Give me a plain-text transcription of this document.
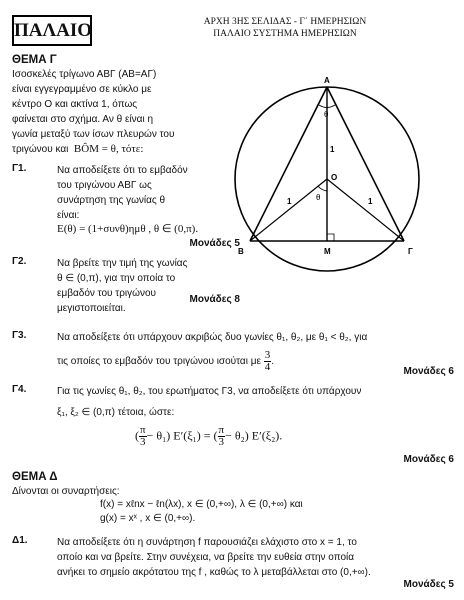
ΠΑΛΑΙΟ	ΑΡΧΗ 3ΗΣ ΣΕΛΙΔΑΣ - Γ΄ ΗΜΕΡΗΣΙΩΝ
ΠΑΛΑΙΟ ΣΥΣΤΗΜΑ ΗΜΕΡΗΣΙΩΝ
ΘΕΜΑ Γ
Ισοσκελές τρίγωνο ΑΒΓ (ΑΒ=ΑΓ)
είναι εγγεγραμμένο σε κύκλο με
κέντρο Ο και ακτίνα 1, όπως
φαίνεται στο σχήμα. Αν θ είναι η
γωνία μεταξύ των ίσων πλευρών του
τριγώνου και BÔM = θ, τότε:
Γ1.	Να αποδείξετε ότι το εμβαδόν
του τριγώνου ΑΒΓ ως
συνάρτηση της γωνίας θ
είναι:
Ε(θ) = (1+συνθ)ημθ , θ ∈ (0,π).
Μονάδες 5
Γ2.	Να βρείτε την τιμή της γωνίας
θ ∈ (0,π), για την οποία το
εμβαδόν του τριγώνου
μεγιστοποιείται.
Μονάδες 8
Α
Β	Γ
Ο
Μ
θ
θ
1	1
1
Γ3.	Να αποδείξετε ότι υπάρχουν ακριβώς δυο γωνίες θ₁, θ₂, με θ₁ < θ₂, για
τις οποίες το εμβαδόν του τριγώνου ισούται με $\frac{3}{4}$ .
Μονάδες 6
Γ4.	Για τις γωνίες θ₁, θ₂, του ερωτήματος Γ3, να αποδείξετε ότι υπάρχουν
ξ₁, ξ₂ ∈ (0,π) τέτοια, ώστε:
( $\frac{\pi}{3} - \theta_1$) Ε′(ξ₁) = ( $\frac{\pi}{3} - \theta_2$) Ε′(ξ₂).
Μονάδες 6
ΘΕΜΑ Δ
Δίνονται οι συναρτήσεις:
f(x) = xℓnx − ℓn(λx), x ∈ (0,+∞), λ ∈ (0,+∞) και
g(x) = xˣ , x ∈ (0,+∞).
Δ1.	Να αποδείξετε ότι η συνάρτηση f παρουσιάζει ελάχιστο στο x = 1, το
οποίο και να βρείτε. Στην συνέχεια, να βρείτε την ευθεία στην οποία
ανήκει το σημείο ακρότατου της f , καθώς το λ μεταβάλλεται στο (0,+∞).
Μονάδες 5
